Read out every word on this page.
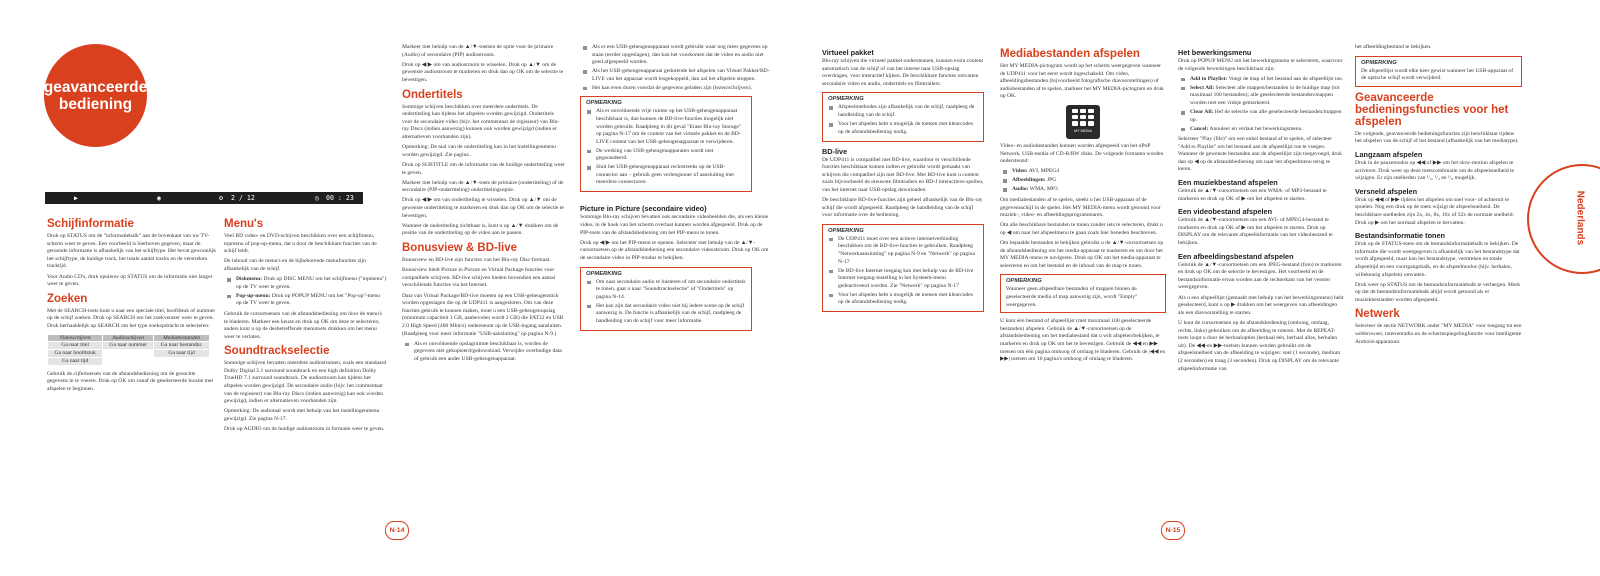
geavanceerde
bediening
▶	◉	⚙ 2 / 12	◷ 00 : 23
Schijfinformatie

Druk op STATUS om de "informatiebalk" aan de bovenkant van uw TV-scherm weer te geven. Een voorbeeld is hierboven gegeven, maar de getoonde informatie is afhankelijk van het schijftype. Het bevat gewoonlijk het schijftype, de huidige track, het totale aantal tracks en de verstreken tracktijd.

Voor Audio CD's, druk opnieuw op STATUS om de informatie niet langer weer te geven.

Zoeken

Met de SEARCH-toets kunt u naar een speciale titel, hoofdstuk of nummer op de schijf zoeken. Druk op SEARCH om het zoekvenster weer te geven. Druk herhaaldelijk op SEARCH om het type zoekopdracht te selecteren:

Videoschijven	Audioschijven	Mediabestanden
Ga naar titel	Ga naar nummer	Ga naar bestandnr.
Ga naar hoofdstuk		Ga naar tijd
Ga naar tijd		

Gebruik de cijfertoetsen van de afstandsbediening om de gezochte gegevens in te voeren. Druk op OK om vanaf de geselecteerde locatie met afspelen te beginnen.

Menu's

Veel BD video- en DVD-schijven beschikken over een schijfmenu, topmenu of pop-up-menu, dat u door de beschikbare functies van de schijf leidt.

De inhoud van de menu's en de bijbehorende menufuncties zijn afhankelijk van de schijf.

Diskmenu: Druk op DISC MENU om het schijfmenu ("topmenu") op de TV weer te geven.
Pop-up-menu: Druk op POPUP MENU om het "Pop-up"-menu op de TV weer te geven.

Gebruik de cursortoetsen van de afstandsbediening om door de menu's te bladeren. Markeer een keuze en druk op OK om deze te selecteren, anders kunt u op de desbetreffende menutoets drukken om het menu weer te verlaten.

Soundtrackselectie

Sommige schijven bevatten meerdere audiostromen, zoals een standaard Dolby Digital 5.1 surround soundtrack en een high definition Dolby TrueHD 7.1 surround soundtrack. De audiostroom kan tijdens het afspelen worden gewijzigd. De secondaire audio (bijv. het commentaar van de regisseur) van Blu-ray Discs (indien aanwezig) kan ook worden gewijzigd, indien er alternatieven voorhanden zijn.

Opmerking: De audiotaal wordt met behulp van het instellingenmenu gewijzigd. Zie pagina N-17.

Druk op AUDIO om de huidige audiostroom in formatie weer te geven.

Markeer met behulp van de ▲/▼-toetsen de optie voor de primaire (Audio) of secondaire (PIP) audiostroom.

Druk op ◀/▶ om van audiostroom te wisselen. Druk op ▲/▼ om de gewenste audiostroom te markeren en druk dan op OK om de selectie te bevestigen.

Ondertitels

Sommige schijven beschikken over meerdere ondertitels. De ondertiteling kan tijdens het afspelen worden gewijzigd. Ondertitels voor de secondaire video (bijv. het commentaar de regisseur) van Blu-ray Discs (indien aanwezig) kunnen ook worden gewijzigd (indien er alternatieven voorhanden zijn).

Opmerking: De taal van de ondertiteling kan in het instellingenmenu worden gewijzigd. Zie pagina .

Druk op SUBTITLE om de informatie van de huidige ondertiteling weer te geven.

Markeer met behulp van de ▲/▼-toets de primaire (ondertiteling) of de secondaire (PIP-ondertiteling) ondertitelingsoptie.

Druk op ◀/▶ om van ondertiteling te wisselen. Druk op ▲/▼ om de gewenste ondertiteling te markeren en druk dan op OK om de selectie te bevestigen.

Wanneer de ondertiteling zichtbaar is, kunt u op ▲/▼ drukken om de positie van de ondertiteling op de video aan te passen.

Bonusview & BD-live

Bonusview en BD-live zijn functies van het Blu-ray Disc-formaat.

Bonusview biedt Picture in Picture en Virtual Package functies voor compatibele schijven. BD-live schijven bieden bovendien een aantal verschillende functies via het Internet.

Data van Virtual Package/BD-live moeten op een USB-geheugenstick worden opgeslagen die op de UDP411 is aangesloten. Om van deze functies gebruik te kunnen maken, moet u een USB-geheugenopslag (minimum capaciteit 1 GB, aanbevolen wordt 2 GB) die FAT32 en USB 2.0 High Speed (480 Mbit/s) ondersteunt op de USB-ingang aansluiten. (Raadpleeg voor meer informatie "USB-aansluiting" op pagina N-9.)

Als er onvoldoende opslagruimte beschikbaar is, worden de gegevens niet gekopieerd/gedownload. Verwijder overbodige data of gebruik een ander USB-geheugenapparaat.
Als er een USB-geheugenapparaat wordt gebruikt waar nog meer gegevens op staan (eerder opgeslagen), dan kan het voorkomen dat de video en audio niet goed afgespeeld worden.
Als het USB-geheugenapparaat gedurende het afspelen van Virtuel Pakket/BD-LIVE van het apparaat wordt losgekoppeld, dan zal het afspelen stoppen.
Het kan even duren voordat de gegevens geladen zijn (lezen/schrijven).
OPMERKING
Als er onvoldoende vrije ruimte op het USB-geheugenapparaat beschikbaar is, dan kunnen de BD-live-functies mogelijk niet worden gebruikt. Raadpleeg in dit geval "Erase Blu-ray Storage" op pagina N-17 om de content van het virtuele pakket en de BD-LIVE content van het USB-geheugenapparaat te verwijderen.
De werking van USB-geheugenapparaten wordt niet gegarandeerd.
Sluit het USB-geheugenapparaat rechtstreeks op de USB-connector aan – gebruik geen verlengsnoer of aansluiting met meerdere connectoren.
Picture in Picture (secondaire video)

Sommige Blu-ray schijven bevatten ook secondaire videobeelden die, als een kleine video, in de hoek van het scherm overlaat kunnen worden afgespeeld. Druk op de PIP-toets van de afstandsbediening om het PIP-menu te tonen.

Druk op ◀/▶ om het PIP-menu te openen. Selecteer met behulp van de ▲/▼-cursortoetsen op de afstandsbediening een secondaire videostroom. Druk op OK om de secondaire video in PIP-modus te bekijken.

OPMERKING
Om naar secondaire audio te luisteren of om secondaire ondertitels te tonen, gaat u naar "Soundtrackselectie" of "Ondertitels" op pagina N-14.
Het kan zijn dat secondaire video niet bij iedere scene op de schijf aanwezig is. De functie is afhankelijk van de schijf, raadpleeg de handleiding van de schijf voor meer informatie.
N-14
Virtueel pakket

Blu-ray schijven die virtueel pakket ondersteunen, kunnen extra content automatisch van de schijf of van het interne naar USB-opslag overdragen, voor interactief kijken. De beschikbare functies omvatten secondaire video en audio, ondertitels en filmtrailers.

OPMERKING
Afspeelmethodes zijn afhankelijk van de schijf, raadpleeg de handleiding van de schijf.
Voor het afspelen hebt u mogelijk de toetsen met kleurcodes op de afstandsbediening nodig.
BD-live

De UDP411 is compatibel met BD-live, waardoor er verschillende functies beschikbaar komen indien er gebruikt wordt gemaakt van schijven die compatibel zijn met BD-live. Met BD-live kunt u content zoals bijvoorbeeld de nieuwste filmtrailers en BD-J interactieve spellen, van het internet naar USB-opslag downloaden.

De beschikbare BD-live-functies zijn geheel afhankelijk van de Blu-ray schijf die wordt afgespeeld. Raadpleeg de handleiding van de schijf voor informatie over de bediening.

OPMERKING
De UDP411 moet over een actieve internetverbinding beschikken om de BD-live-functies te gebruiken. Raadpleeg "Netwerkaansluiting" op pagina N-9 en "Netwerk" op pagina N-17
De BD-live Internet toegang kan met behulp van de BD-live Internet toegang-instelling in het Systeem-menu gedeactiveerd worden. Zie "Netwerk" op pagina N-17
Voor het afspelen hebt u mogelijk de toetsen met kleurcodes op de afstandsbediening nodig.
Mediabestanden afspelen

Het MY MEDIA-pictogram wordt op het scherm weergegeven wanneer de UDP411 voor het eerst wordt ingeschakeld. Om video, afbeeldingsbestanden (bijvoorbeeld fotografische diavoorstellingen) of audiobestanden af te spelen, markeer het MY MEDIA-pictogram en druk op OK.

MY MEDIA

Video- en audiobestanden kunnen worden afgespeeld van het uPnP Netwerk, USB-media of CD-R/RW disks. De volgende formaten worden ondersteund:

Video: AVI, MPEG4
Afbeeldingen: JPG
Audio: WMA, MP3

Om mediabestanden af te spelen, steekt u het USB-apparaat of de gegevensschijf in de speler. Het MY MEDIA-menu wordt getoond voor muziek-, video- en afbeeldingsprogrammaren.

Om alle beschikbare bestanden te tonen zonder iets te selecteren, drukt u op ◀ om naar het afspeelmenu te gaan zoals hier beneden beschreven.

Om bepaalde bestanden te bekijken gebruikt u de ▲/▼-cursortoetsen op de afstandsbediening om het media-apparaat te markeren en om door het MY MEDIA-menu te navigeren. Druk op OK om het media-apparaat te selecteren en om het bestand en de inhoud van de map te tonen.

OPMERKING
Wanneer geen afspeelbare bestanden of mappen binnen de geselecteerde media of map aanwezig zijn, wordt "Empty" weergegeven.

U kunt één bestand of afspeellijst (met maximaal 100 geselecteerde bestanden) afspelen. Gebruik de ▲/▼-cursortoetsen op de afstandsbediening om het mediabestand dat u wilt afspelen/bekijken, te markeren en druk op OK om het te bevestigen. Gebruik de ◀◀ en ▶▶ toetsen om één pagina omhoog of omlaag te bladeren. Gebruik de |◀◀ en ▶▶| toetsen om 10 pagina's omhoog of omlaag te bladeren.

Het bewerkingsmenu

Druk op POPUP MENU om het bewerkingsmenu te selecteren, waarvoor de volgende bewerkingen beschikbaar zijn:

Add to Playlist: Voegt de map of het bestand aan de afspeellijst toe.
Select All: Selecteer alle mappen/bestanden in de huidige map (tot maximaal 100 bestanden); alle geselecteerde bestanden/mappen worden met een vinkje gemarkeerd.
Clear All: Hef de selectie van alle geselecteerde bestanden/mappen op.
Cancel: Annuleer en verlaat het bewerkingsmenu.

Selecteer "Play (file)" om een enkel bestand af te spelen, of selecteer "Add to Playlist" om het bestand aan de afspeellijst toe te voegen. Wanneer de gewenste bestanden aan de afspeellijst zijn toegevoegd, druk dan op ◀ op de afstandsbediening om naar het afspeelmenu terug te keren.

Een muziekbestand afspelen

Gebruik de ▲/▼-cursortoetsen om een WMA- of MP3-bestand te markeren en druk op OK of ▶ om het afspelen te starten.

Een videobestand afspelen

Gebruik de ▲/▼-cursortoetsen om een AVI- of MPEG4-bestand te markeren en druk op OK of ▶ om het afspelen te starten. Druk op DISPLAY om de relevante afspeelinformatie van het videobestand te bekijken.

Een afbeeldingsbestand afspelen

Gebruik de ▲/▼-cursortoetsen om een JPEG-bestand (foto) te markeren en druk op OK om de selectie te bevestigen. Het voorbeeld en de bestandsinformatie ervan worden aan de rechterkant van het venster weergegeven.

Als u een afspeellijst (gemaakt met behulp van het bewerkingsmenu) hebt geselecteerd, kunt u op ▶ drukken om het weergeven van afbeeldingen als een diavoorstelling te starten.

U kunt de cursortoetsen op de afstandsbediening (omhoog, omlaag, rechts, links) gebruiken om de afbeelding te roteren. Met de REPEAT-toets loopt u door de herhaalopties (herhaal één, herhaal alles, herhalen uit). De ◀◀-en ▶▶-toetsen kunnen worden gebruikt om de afspeelsnelheid van de afbeelding te wijzigen: snel (1 seconde), medium (2 seconden) en traag (3 seconden). Druk op DISPLAY om de relevante afspeelinformatie van

het afbeeldingbestand te bekijken.

OPMERKING
De afspeellijst wordt elke keer gewist wanneer het USB-apparaat of de optische schijf wordt verwijderd.
Geavanceerde bedieningsfuncties voor het afspelen

De volgende, geavanceerde bedieningsfuncties zijn beschikbaar tijdens het afspelen van de schijf of het bestand (afhankelijk van het mediatype).

Langzaam afspelen

Druk in de pauzemodus op ◀◀ of ▶▶ om het slow-motion afspelen te activeren. Druk weer op deze toetscombinatie om de afspeelsnelheid te wijzigen. Er zijn snelheden van ¹/₂, ¹/₄ en ¹/₈ mogelijk.

Versneld afspelen

Druk op ◀◀ of ▶▶ tijdens het afspelen om snel voor- of achteruit te spoelen. Nog een druk op de toets wijzigt de afspeelsnelheid. De beschikbare snelheden zijn 2x, 4x, 8x, 16x of 32x de normale snelheid. Druk op ▶ om het normaal afspelen te hervatten.

Bestandsinformatie tonen

Druk op de STATUS-toets om de bestandsinformatiebalk te bekijken. De informatie die wordt weergegeven is afhankelijk van het bestandstype dat wordt afgespeeld, maar kan het bestandstype, verstreken en totale afspeeltijd en een voortgangsbalk, en de afspeelmodus (bijv. herhalen, willekeurig afspelen) omvatten.

Druk weer op STATUS om de bestandsinformatiebalk te verbergen. Merk op dat de bestandsinformatiebalk altijd wordt getoond als er muziekbestanden worden afgespeeld.

Netwerk

Selecteer de sectie NETWORK onder "MY MEDIA" voor toegang tot een webbrowser, internetradio en de schermspiegelingfunctie voor intelligente Android-apparatuur.

N-15
Nederlands
